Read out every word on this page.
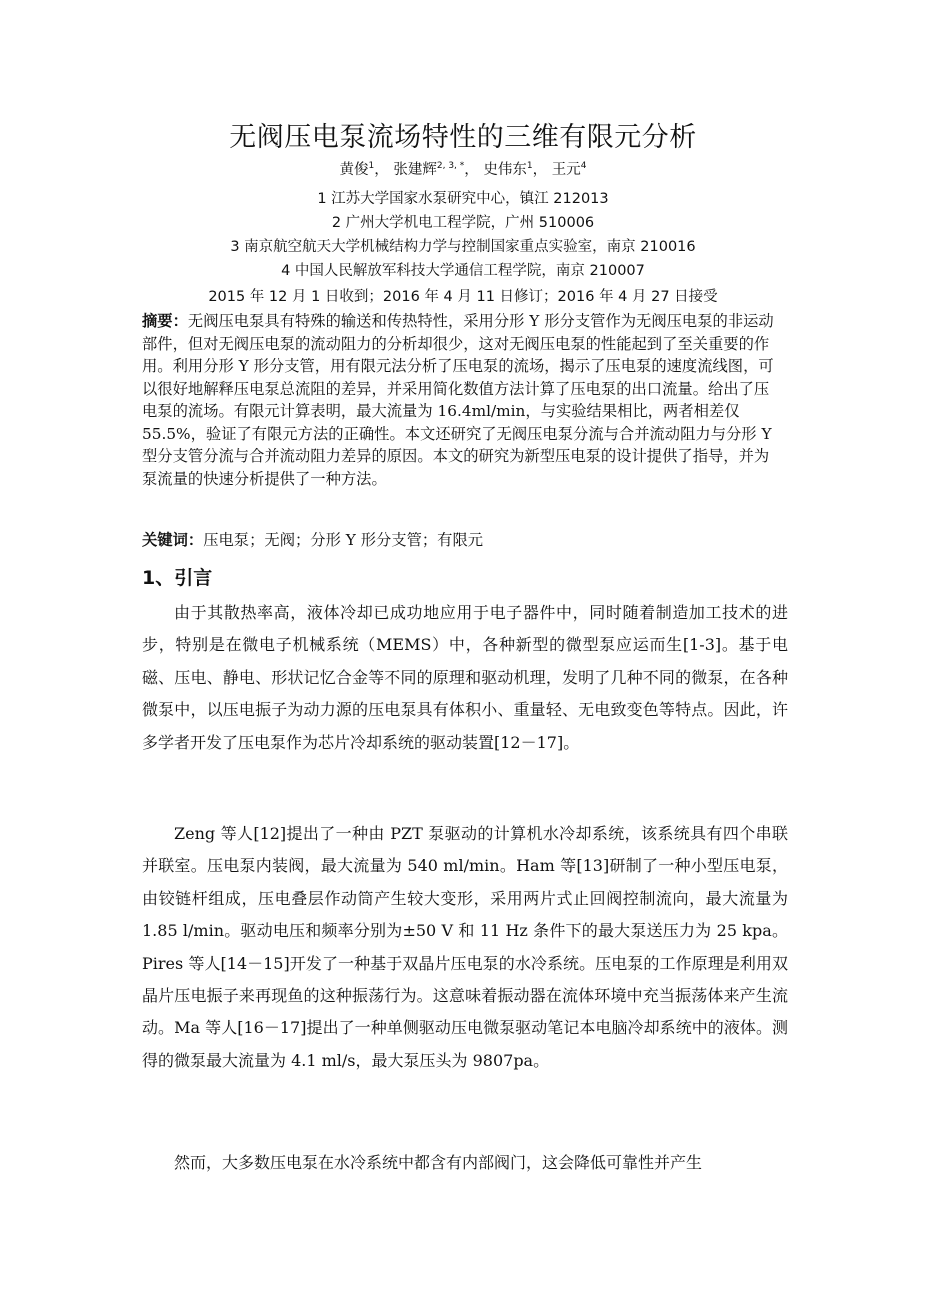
无阀压电泵流场特性的三维有限元分析
黄俊$^1$， 张建辉$^{2, 3, *}$， 史伟东$^1$， 王元$^4$
1 江苏大学国家水泵研究中心，镇江 212013
2 广州大学机电工程学院，广州 510006
3 南京航空航天大学机械结构力学与控制国家重点实验室，南京 210016
4 中国人民解放军科技大学通信工程学院，南京 210007
2015 年 12 月 1 日收到；2016 年 4 月 11 日修订；2016 年 4 月 27 日接受
摘要：无阀压电泵具有特殊的输送和传热特性，采用分形 Y 形分支管作为无阀压电泵的非运动部件，但对无阀压电泵的流动阻力的分析却很少，这对无阀压电泵的性能起到了至关重要的作用。利用分形 Y 形分支管，用有限元法分析了压电泵的流场，揭示了压电泵的速度流线图，可以很好地解释压电泵总流阻的差异，并采用简化数值方法计算了压电泵的出口流量。给出了压电泵的流场。有限元计算表明，最大流量为 16.4ml/min，与实验结果相比，两者相差仅 55.5%，验证了有限元方法的正确性。本文还研究了无阀压电泵分流与合并流动阻力与分形 Y 型分支管分流与合并流动阻力差异的原因。本文的研究为新型压电泵的设计提供了指导，并为泵流量的快速分析提供了一种方法。
关键词：压电泵；无阀；分形 Y 形分支管；有限元
1、引言

由于其散热率高，液体冷却已成功地应用于电子器件中，同时随着制造加工技术的进步，特别是在微电子机械系统（MEMS）中，各种新型的微型泵应运而生[1-3]。基于电磁、压电、静电、形状记忆合金等不同的原理和驱动机理，发明了几种不同的微泵，在各种微泵中，以压电振子为动力源的压电泵具有体积小、重量轻、无电致变色等特点。因此，许多学者开发了压电泵作为芯片冷却系统的驱动装置[12－17]。

Zeng 等人[12]提出了一种由 PZT 泵驱动的计算机水冷却系统，该系统具有四个串联并联室。压电泵内装阀，最大流量为 540 ml/min。Ham 等[13]研制了一种小型压电泵，由铰链杆组成，压电叠层作动筒产生较大变形，采用两片式止回阀控制流向，最大流量为 1.85 l/min。驱动电压和频率分别为±50 V 和 11 Hz 条件下的最大泵送压力为 25 kpa。Pires 等人[14－15]开发了一种基于双晶片压电泵的水冷系统。压电泵的工作原理是利用双晶片压电振子来再现鱼的这种振荡行为。这意味着振动器在流体环境中充当振荡体来产生流动。Ma 等人[16－17]提出了一种单侧驱动压电微泵驱动笔记本电脑冷却系统中的液体。测得的微泵最大流量为 4.1 ml/s，最大泵压头为 9807pa。

然而，大多数压电泵在水冷系统中都含有内部阀门，这会降低可靠性并产生
